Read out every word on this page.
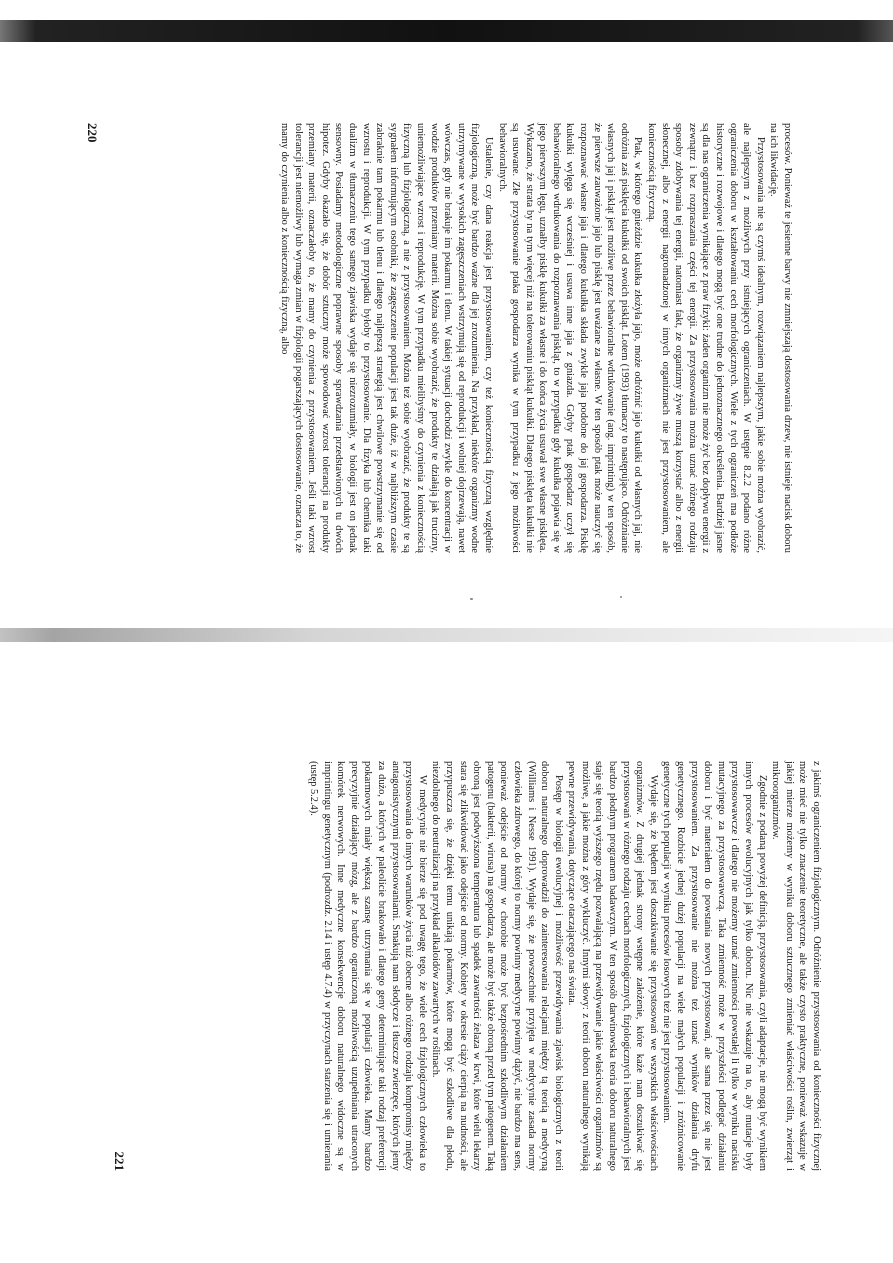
procesów. Ponieważ te jesienne barwy nie zmniejszają dostosowania drzew, nie istnieje nacisk doboru na ich likwidację.

Przystosowania nie są czymś idealnym, rozwiązaniem najlepszym, jakie sobie można wyobrazić, ale najlepszym z możliwych przy istniejących ograniczeniach. W ustępie 8.2.2 podano różne ograniczenia doboru w kształtowaniu cech morfologicznych. Wiele z tych ograniczeń ma podłoże historyczne i rozwojowe i dlatego mogą być one trudne do jednoznacznego określenia. Bardziej jasne są dla nas ograniczenia wynikające z praw fizyki: żaden organizm nie może żyć bez dopływu energii z zewnątrz i bez rozpraszania części tej energii. Za przystosowania można uznać różnego rodzaju sposoby zdobywania tej energii, natomiast fakt, że organizmy żywe muszą korzystać albo z energii słonecznej, albo z energii nagromadzonej w innych organizmach nie jest przystosowaniem, ale koniecznością fizyczną.

Ptak, w którego gnieździe kukułka złożyła jajo, może odróżnić jajo kukułki od własnych jaj, nie odróżnia zaś pisklęcia kukułki od swoich piskląt. Lotem (1993) tłumaczy to następująco. Odróżnianie własnych jaj i piskląt jest możliwe przez behawioralne wdrukowanie (ang. imprinting) w ten sposób, że pierwsze zauważone jajo lub pisklę jest uważane za własne. W ten sposób ptak może nauczyć się rozpoznawać własne jaja i dlatego kukułka składa zwykle jaja podobne do jaj gospodarza. Pisklę kukułki wylęga się wcześniej i usuwa inne jaja z gniazda. Gdyby ptak gospodarz uczył się behawioralnego wdrukowania do rozpoznawania piskląt, to w przypadku gdy kukułka pojawia się w jego pierwszym lęgu, uznałby pisklę kukułki za własne i do końca życia usuwał swe własne pisklęta. Wykazano, że strata by na tym więcej niż na tolerowaniu piskląt kukułki. Dlatego pisklęta kukułki nie są usuwane. Złe przystosowanie ptaka gospodarza wynika w tym przypadku z jego możliwości behawioralnych.

Ustalenie, czy dana reakcja jest przystosowaniem, czy też koniecznością fizyczną względnie fizjologiczną, może być bardzo ważne dla jej zrozumienia. Na przykład, niektóre organizmy wodne utrzymywane w wysokich zagęszczeniach wstrzymują się od reprodukcji i wolniej dojrzewają, nawet wówczas, gdy nie brakuje im pokarmu i tlenu. W takiej sytuacji dochodzi zwykle do koncentracji w wodzie produktów przemiany materii. Można sobie wyobrazić, że produkty te działają jak trucizny, uniemożliwiające wzrost i reprodukcję. W tym przypadku mielibyśmy do czynienia z koniecznością fizyczną lub fizjologiczną, a nie z przystosowaniem. Można też sobie wyobrazić, że produkty te są sygnałem informującym osobniki, że zagęszczenie populacji jest tak duże, iż w najbliższym czasie zabraknie tam pokarmu lub tlenu i dlatego najlepszą strategią jest chwilowe powstrzymanie się od wzrostu i reprodukcji. W tym przypadku byłoby to przystosowanie. Dla fizyka lub chemika taki dualizm w tłumaczeniu tego samego zjawiska wydaje się niezrozumiały, w biologii jest on jednak sensowny. Posiadamy metodologiczne poprawne sposoby sprawdzania przedstawionych tu dwóch hipotez. Gdyby okazało się, że dobór sztuczny może spowodować wzrost tolerancji na produkty przemiany materii, oznaczałoby to, że mamy do czynienia z przystosowaniem. Jeśli taki wzrost tolerancji jest niemożliwy lub wymaga zmian w fizjologii pogarszających dostosowanie, oznacza to, że mamy do czynienia albo z koniecznością fizyczną, albo

220

z jakimś ograniczeniem fizjologicznym. Odróżnienie przystosowania od konieczności fizycznej może mieć nie tylko znaczenie teoretyczne, ale także czysto praktyczne, ponieważ wskazuje w jakiej mierze możemy w wyniku doboru sztucznego zmieniać właściwości roślin, zwierząt i mikroorganizmów.

Zgodnie z podaną powyżej definicją, przystosowania, czyli adaptacje, nie mogą być wynikiem innych procesów ewolucyjnych jak tylko doboru. Nic nie wskazuje na to, aby mutacje były przystosowawcze i dlatego nie możemy uznać zmienności powstałej li tylko w wyniku nacisku mutacyjnego za przystosowawczą. Taka zmienność może w przyszłości podlegać działaniu doboru i być materiałem do powstania nowych przystosowań, ale sama przez się nie jest przystosowaniem. Za przystosowanie nie można też uznać wyników działania dryfu genetycznego. Rozbicie jednej dużej populacji na wiele małych populacji i zróżnicowanie genetyczne tych populacji w wyniku procesów losowych też nie jest przystosowaniem.

Wydaje się, że błędem jest doszukiwanie się przystosowań we wszystkich właściwościach organizmów. Z drugiej jednak strony wstępne założenie, które każe nam doszukiwać się przystosowań w różnego rodzaju cechach morfologicznych, fizjologicznych i behawioralnych jest bardzo płodnym programem badawczym. W ten sposób darwinowska teoria doboru naturalnego staje się teorią wyższego rzędu pozwalającą na przewidywanie jakie właściwości organizmów są możliwe, a jakie można z góry wykluczyć. Innymi słowy: z teorii doboru naturalnego wynikają pewne przewidywania, dotyczące otaczającego nas świata.

Postęp w biologii ewolucyjnej i możliwość przewidywania zjawisk biologicznych z teorii doboru naturalnego doprowadził do zainteresowania relacjami między tą teorią a medycyną (Williams i Nesse 1991). Wydaje się, że powszechnie przyjęta w medycynie zasada normy człowieka zdrowego, do której to normy powinny medycyne powinny dążyć, nie bardzo ma sens, ponieważ odejście od normy w chorobie może być bezpośrednim szkodliwym działaniem patogenu (bakterii, wirusa) na gospodarza, ale może być także obroną przed tym patogenem. Taką obroną jest podwyższona temperatura lub spadek zawartości żelaza w krwi, które wielu lekarzy stara się zlikwidować jako odejście od normy. Kobiety w okresie ciąży cierpią na nudności, ale przypuszcza się, że dzięki temu unikają pokarmów, które mogą być szkodliwe dla płodu, niezdolnego do neutralizacji na przykład alkaloidów zawartych w roślinach.

W medycynie nie bierze się pod uwagę tego, że wiele cech fizjologicznych człowieka to przystosowania do innych warunków życia niż obecne albo różnego rodzaju kompromisy między antagonistycznymi przystosowaniami. Smakują nam słodycze i tłuszcze zwierzęce, których jemy za dużo, a których w paleolicie brakowało i dlatego geny determinujące taki rodzaj preferencji pokarmowych miały większą szansę utrzymania się w populacji człowieka. Mamy bardzo precyzyjnie działający mózg, ale z bardzo ograniczoną możliwością uzupełniania utraconych komórek nerwowych. Inne medyczne konsekwencje doboru naturalnego widoczne są w imprintingu genetycznym (podrozdz. 2.14 i ustęp 4.7.4) w przyczynach starzenia się i umierania (ustęp 5.2.4).

221
